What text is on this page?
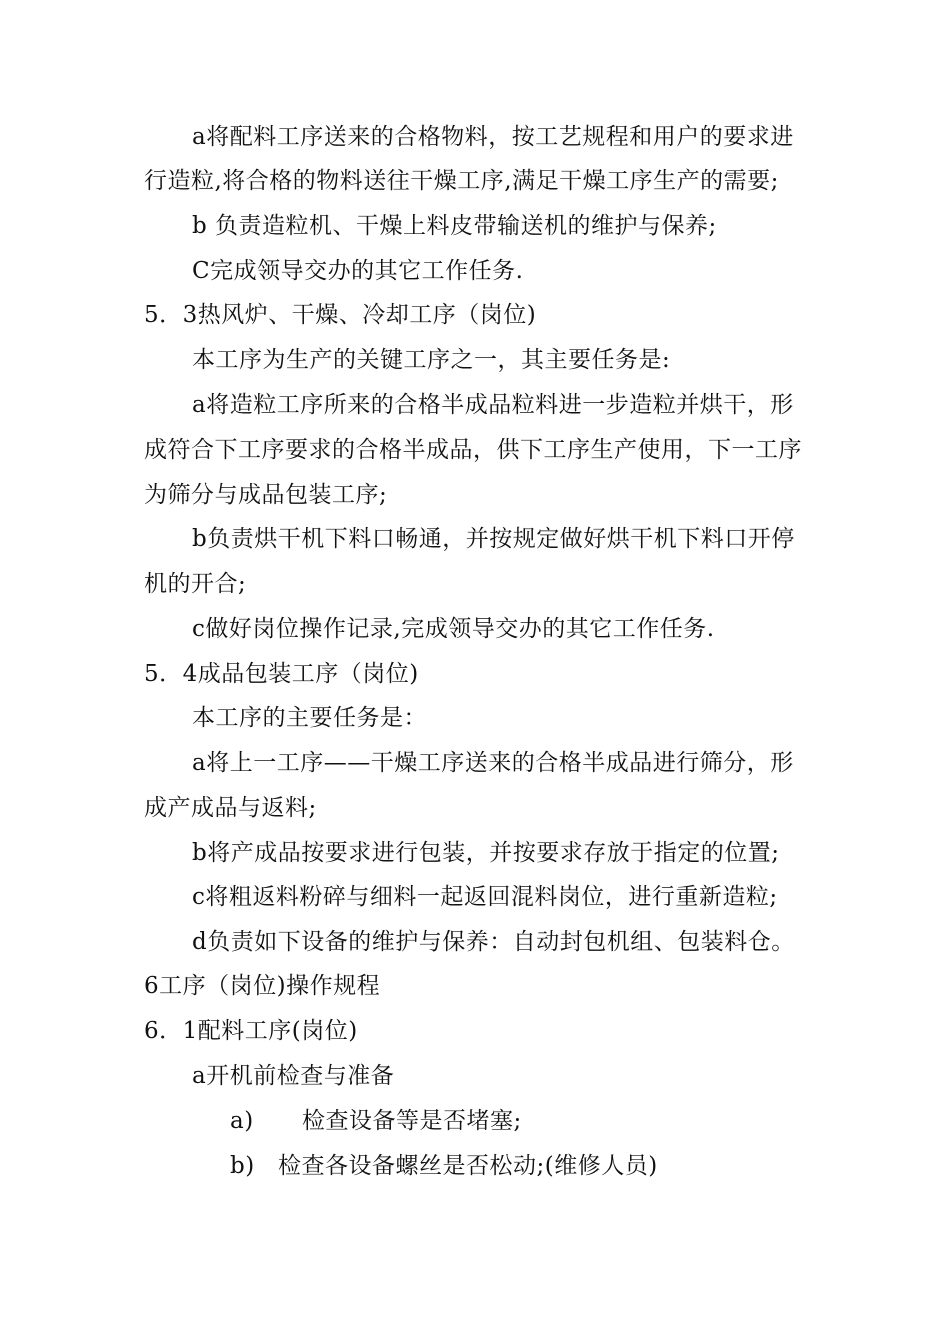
a将配料工序送来的合格物料，按工艺规程和用户的要求进
行造粒,将合格的物料送往干燥工序,满足干燥工序生产的需要;
b 负责造粒机、干燥上料皮带输送机的维护与保养;
C完成领导交办的其它工作任务.
5．3热风炉、干燥、冷却工序（岗位)
本工序为生产的关键工序之一，其主要任务是:
a将造粒工序所来的合格半成品粒料进一步造粒并烘干，形
成符合下工序要求的合格半成品，供下工序生产使用，下一工序
为筛分与成品包装工序;
b负责烘干机下料口畅通，并按规定做好烘干机下料口开停
机的开合;
c做好岗位操作记录,完成领导交办的其它工作任务.
5．4成品包装工序（岗位)
本工序的主要任务是：
a将上一工序——干燥工序送来的合格半成品进行筛分，形
成产成品与返料;
b将产成品按要求进行包装，并按要求存放于指定的位置;
c将粗返料粉碎与细料一起返回混料岗位，进行重新造粒;
d负责如下设备的维护与保养：自动封包机组、包装料仓。
6工序（岗位)操作规程
6．1配料工序(岗位)
a开机前检查与准备
a) 检查设备等是否堵塞;
b) 检查各设备螺丝是否松动;(维修人员)
